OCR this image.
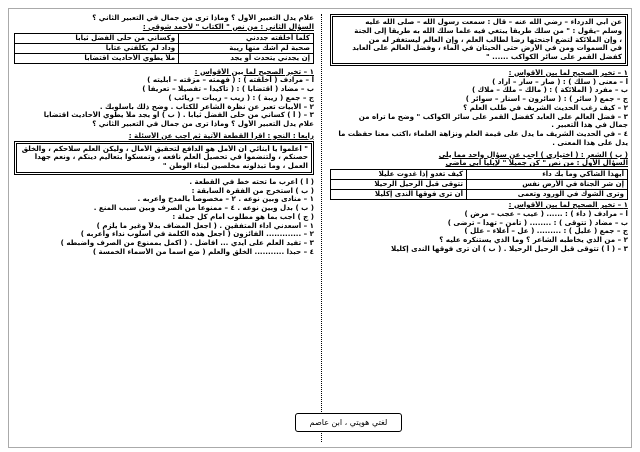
عن أبي الدرداء – رضي الله عنه – قال : سمعت رسول الله – صلى الله عليه
وسلم –يقول : " من سلك طريقاً يبتغي فيه علماً سلك الله به طريقاً إلى الجنة
، وإن الملائكة لتضع أجنحتها رضاً لطالب العلم ، وإن العالم ليستغفر له من
في السموات ومن في الأرض حتى الحيتان في الماء ، وفضل العالم على العابد
كفضل القمر على سائر الكواكب ...... "
١ – تخير الصحيح لما بين الأقواس :
أ – معنى ( سلك ) : ( صار – سار – أراد )
ب – مفرد ( الملائكة ) : ( مالك – ملك – ملاك )
ج – جمع ( سائر ) : ( سائرون – أسنار – سوائر )
٢ – كيف رغب الحديث الشريف في طلب العلم ؟
٣ – فضل العالم على العابد كفضل القمر على سائر الكواكب " وضح ما تراه من
جمال في هذا التعبير .
٤ – في الحديث الشريف ما يدل على قيمة العلم ونزاهة العلماء ،اكتب معنا حفظت ما
يدل على هذا المعنى .
( ب ) الشعر : ( اختياري ) أجب عن سؤال واحد مما يلي
السؤال الأول : من نص " كن جميلاً " لإيليا أبي ماضي
أيهذا الشاكي وما بك داء	كيف تغدو إذا غدوت عليلا
إن شر الجناة في الأرض نفس	تتوقى قبل الرحيل الرحيلا
وترى الشوك في الورود وتعمى	أن ترى فوقها الندى إكليلا
١ – تخير الصحيح لما بين الأقواس :
أ – مرادف ( داء ) : ...... ( عيب – عجب – مرض )
ب – مضاد ( تتوقى ) : ........ ( تأمن – تهدأ – ترضى )
ج – جمع ( عليل ) : ......... ( عل – أعلاء – علل )
٢ – من الذي يخاطبه الشاعر ؟ وما الذي يستنكره عليه ؟
٣ – ( أ ) تتوقى قبل الرحيل الرحيلا . ( ب ) أن ترى فوقها الندى إكليلا
علام يدل التعبير الأول ؟ وماذا ترى من جمال في التعبير الثاني ؟
السؤال الثاني : من نص " الكتاب " لأحمد شوقي :
كلما أخلقته جددني	وكساني من حلى الفضل ثيابا
صحبة لم أشك منها ريبة	وداد لم يكلفني عتابا
إن يجدني يتحدث أو يجد	ملأ يطوي الأحاديث اقتضابا
١ – تخير الصحيح لما بين الأقواس :
أ – مرادف ( أخلقته ) : ( فهمته – مزقته – أبليته )
ب – مضاد ( اقتضابا ) : ( تأكيدا – تفصيلا – تعريفاً )
ج – جمع ( ريبة ) : ( ريب – ريبات – ريائب )
٢ – الأبيات تعبر عن نظرة الشاعر للكتاب . وضح ذلك بأسلوبك .
٣ – ( أ ) كساني من حلى الفضل ثيابا . ( ب ) أو يجد ملأ يطوي الأحاديث اقتضابا
علام يدل التعبير الأول ؟ وماذا ترى من جمال في التعبير الثاني ؟
رابعاً : النحو : اقرأ القطعة الآتية ثم أجب عن الأسئلة :
" أعلموا يا أبنائي أن الأمل هو الدافع لتحقيق الأمال ، وليكن العلم سلاحكم ، والخلق
حصنكم ، ولتنضموا في تحصيل العلم نافعه ، وتمسكوا بتعاليم دينكم ، ونعم جهداً
العمل ، وما تبذلونه مخلصين لبناء الوطن "
( أ ) أعرب ما تحته خط في القطعة .
( ب ) استخرج من الفقرة السابقة :
١ – منادى وبين نوعه . ٢ – مخصوصاً بالمدح وأعربه .
( ب ) بدل وبين نوعه . ٤ – ممنوعاً من الصرف وبين سبب المنع .
( ج ) أجب بما هو مطلوب أمام كل جملة :
١ – أسعدني أداء المتفقين . ( اجعل المضاف بدلاً وغير ما يلزم )
٢ – ............. الفائزون ( اجعل هذه الكلمة في أسلوب نداء وأعربه )
٣ – تفيد العلم على أيدي ... أفاضل . ( أكمل بممنوع من الصرف واضبطه )
٤ – حبذا ........... الخلق والعلم ( ضع اسماً من الأسماء الخمسة )
لغتي هويتي ، ابن عاصم
